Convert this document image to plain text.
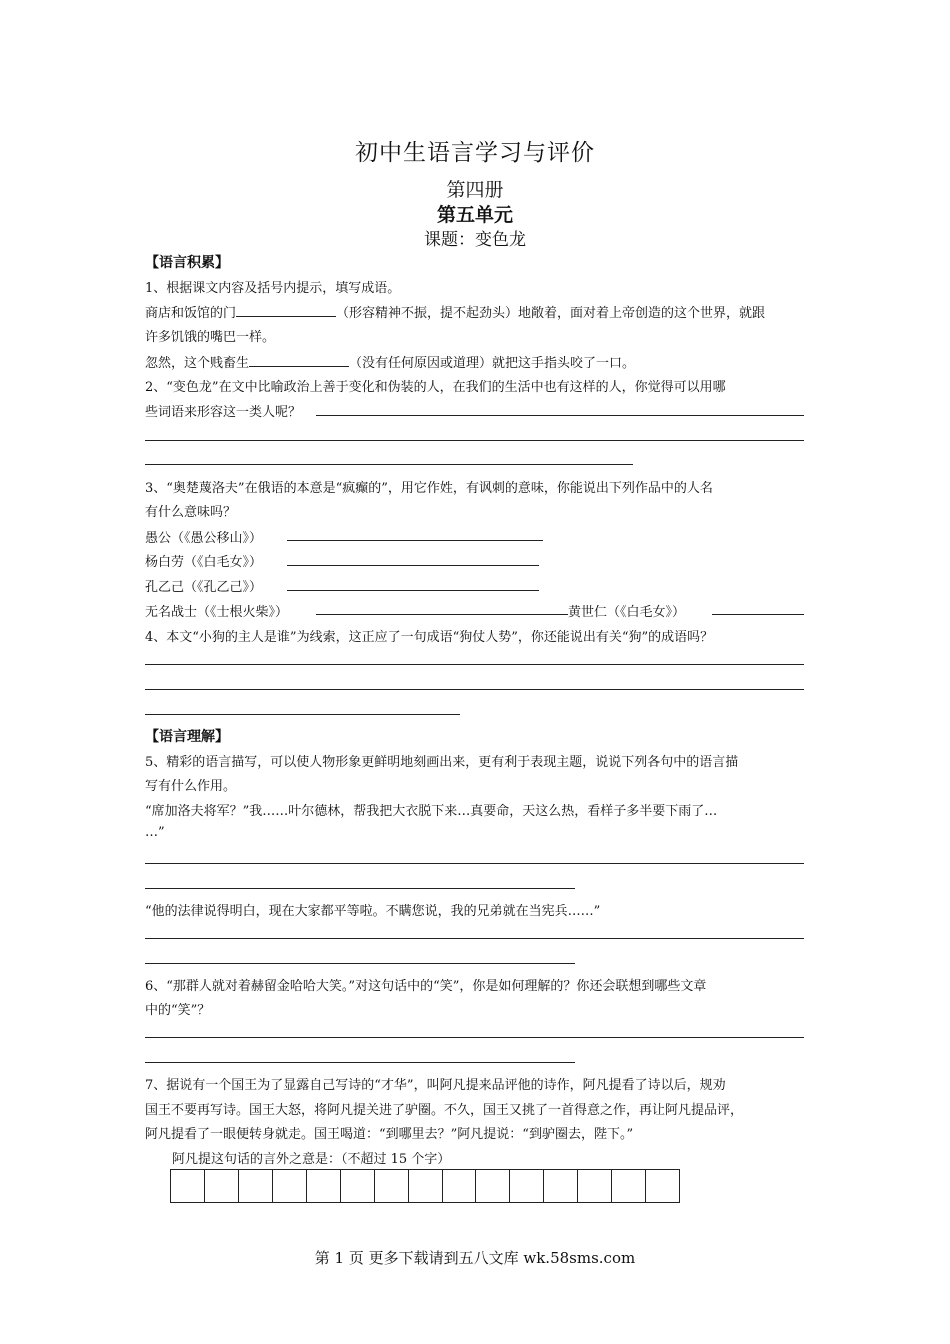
初中生语言学习与评价
第四册
第五单元
课题：变色龙
【语言积累】
1、根据课文内容及括号内提示，填写成语。
商店和饭馆的门	（形容精神不振，提不起劲头）地敞着，面对着上帝创造的这个世界，就跟
许多饥饿的嘴巴一样。
忽然，这个贱畜生	（没有任何原因或道理）就把这手指头咬了一口。
2、“变色龙”在文中比喻政治上善于变化和伪装的人，在我们的生活中也有这样的人，你觉得可以用哪
些词语来形容这一类人呢？
3、“奥楚蔑洛夫”在俄语的本意是“疯癫的”，用它作姓，有讽刺的意味，你能说出下列作品中的人名
有什么意味吗？
愚公（《愚公移山》）
杨白劳（《白毛女》）
孔乙己（《孔乙己》）
无名战士（《士根火柴》）	黄世仁（《白毛女》）
4、本文“小狗的主人是谁”为线索，这正应了一句成语“狗仗人势”，你还能说出有关“狗”的成语吗？
【语言理解】
5、精彩的语言描写，可以使人物形象更鲜明地刻画出来，更有利于表现主题，说说下列各句中的语言描
写有什么作用。
“席加洛夫将军？”我……叶尔德林，帮我把大衣脱下来…真要命，天这么热，看样子多半要下雨了…
…”
“他的法律说得明白，现在大家都平等啦。不瞒您说，我的兄弟就在当宪兵……”
6、“那群人就对着赫留金哈哈大笑。”对这句话中的“笑”，你是如何理解的？你还会联想到哪些文章
中的“笑”？
7、据说有一个国王为了显露自己写诗的“才华”，叫阿凡提来品评他的诗作，阿凡提看了诗以后，规劝
国王不要再写诗。国王大怒，将阿凡提关进了驴圈。不久，国王又挑了一首得意之作，再让阿凡提品评，
阿凡提看了一眼便转身就走。国王喝道：“到哪里去？”阿凡提说：“到驴圈去，陛下。”
阿凡提这句话的言外之意是：（不超过 15 个字）
第 1 页 更多下载请到五八文库 wk.58sms.com
